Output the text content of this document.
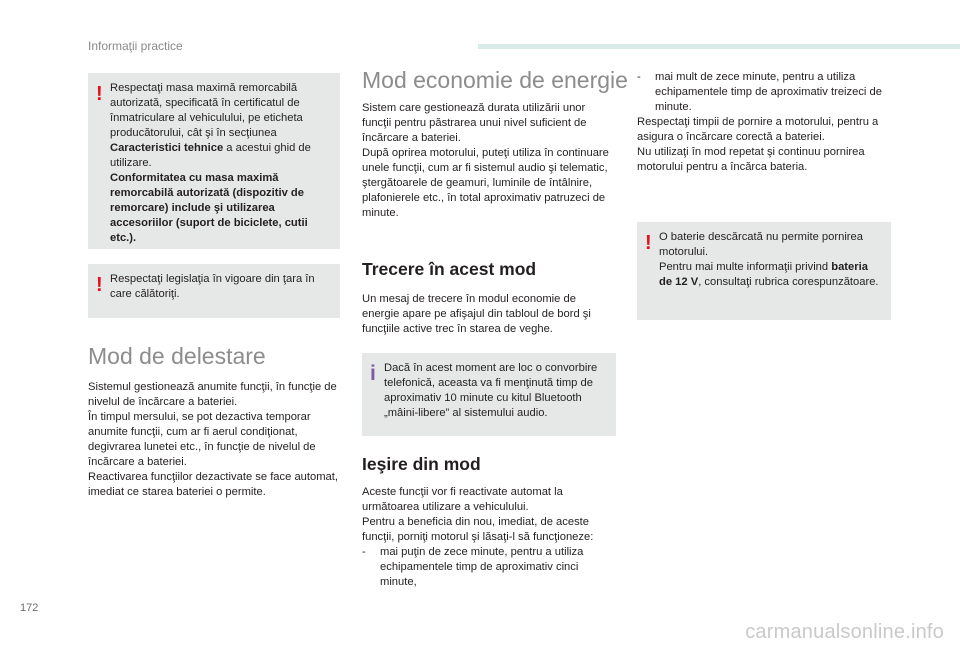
Informaţii practice
! Respectaţi masa maximă remorcabilă autorizată, specificată în certificatul de înmatriculare al vehiculului, pe eticheta producătorului, cât şi în secţiunea Caracteristici tehnice a acestui ghid de utilizare.

Conformitatea cu masa maximă remorcabilă autorizată (dispozitiv de remorcare) include şi utilizarea accesoriilor (suport de biciclete, cutii etc.).

! Respectaţi legislaţia în vigoare din ţara în care călătoriţi.

Mod de delestare

Sistemul gestionează anumite funcţii, în funcţie de nivelul de încărcare a bateriei.

În timpul mersului, se pot dezactiva temporar anumite funcţii, cum ar fi aerul condiţionat, degivrarea lunetei etc., în funcţie de nivelul de încărcare a bateriei.

Reactivarea funcţiilor dezactivate se face automat, imediat ce starea bateriei o permite.

Mod economie de energie

Sistem care gestionează durata utilizării unor funcţii pentru păstrarea unui nivel suficient de încărcare a bateriei.

După oprirea motorului, puteţi utiliza în continuare unele funcţii, cum ar fi sistemul audio şi telematic, ştergătoarele de geamuri, luminile de întâlnire, plafonierele etc., în total aproximativ patruzeci de minute.

Trecere în acest mod

Un mesaj de trecere în modul economie de energie apare pe afişajul din tabloul de bord şi funcţiile active trec în starea de veghe.

i Dacă în acest moment are loc o convorbire telefonică, aceasta va fi menţinută timp de aproximativ 10 minute cu kitul Bluetooth „mâini-libere” al sistemului audio.

Ieşire din mod

Aceste funcţii vor fi reactivate automat la următoarea utilizare a vehiculului.

Pentru a beneficia din nou, imediat, de aceste funcţii, porniţi motorul şi lăsaţi-l să funcţioneze:

- mai puţin de zece minute, pentru a utiliza echipamentele timp de aproximativ cinci minute,
- mai mult de zece minute, pentru a utiliza echipamentele timp de aproximativ treizeci de minute.

Respectaţi timpii de pornire a motorului, pentru a asigura o încărcare corectă a bateriei.

Nu utilizaţi în mod repetat şi continuu pornirea motorului pentru a încărca bateria.

! O baterie descărcată nu permite pornirea motorului.

Pentru mai multe informaţii privind bateria de 12 V, consultaţi rubrica corespunzătoare.

172
carmanualsonline.info
